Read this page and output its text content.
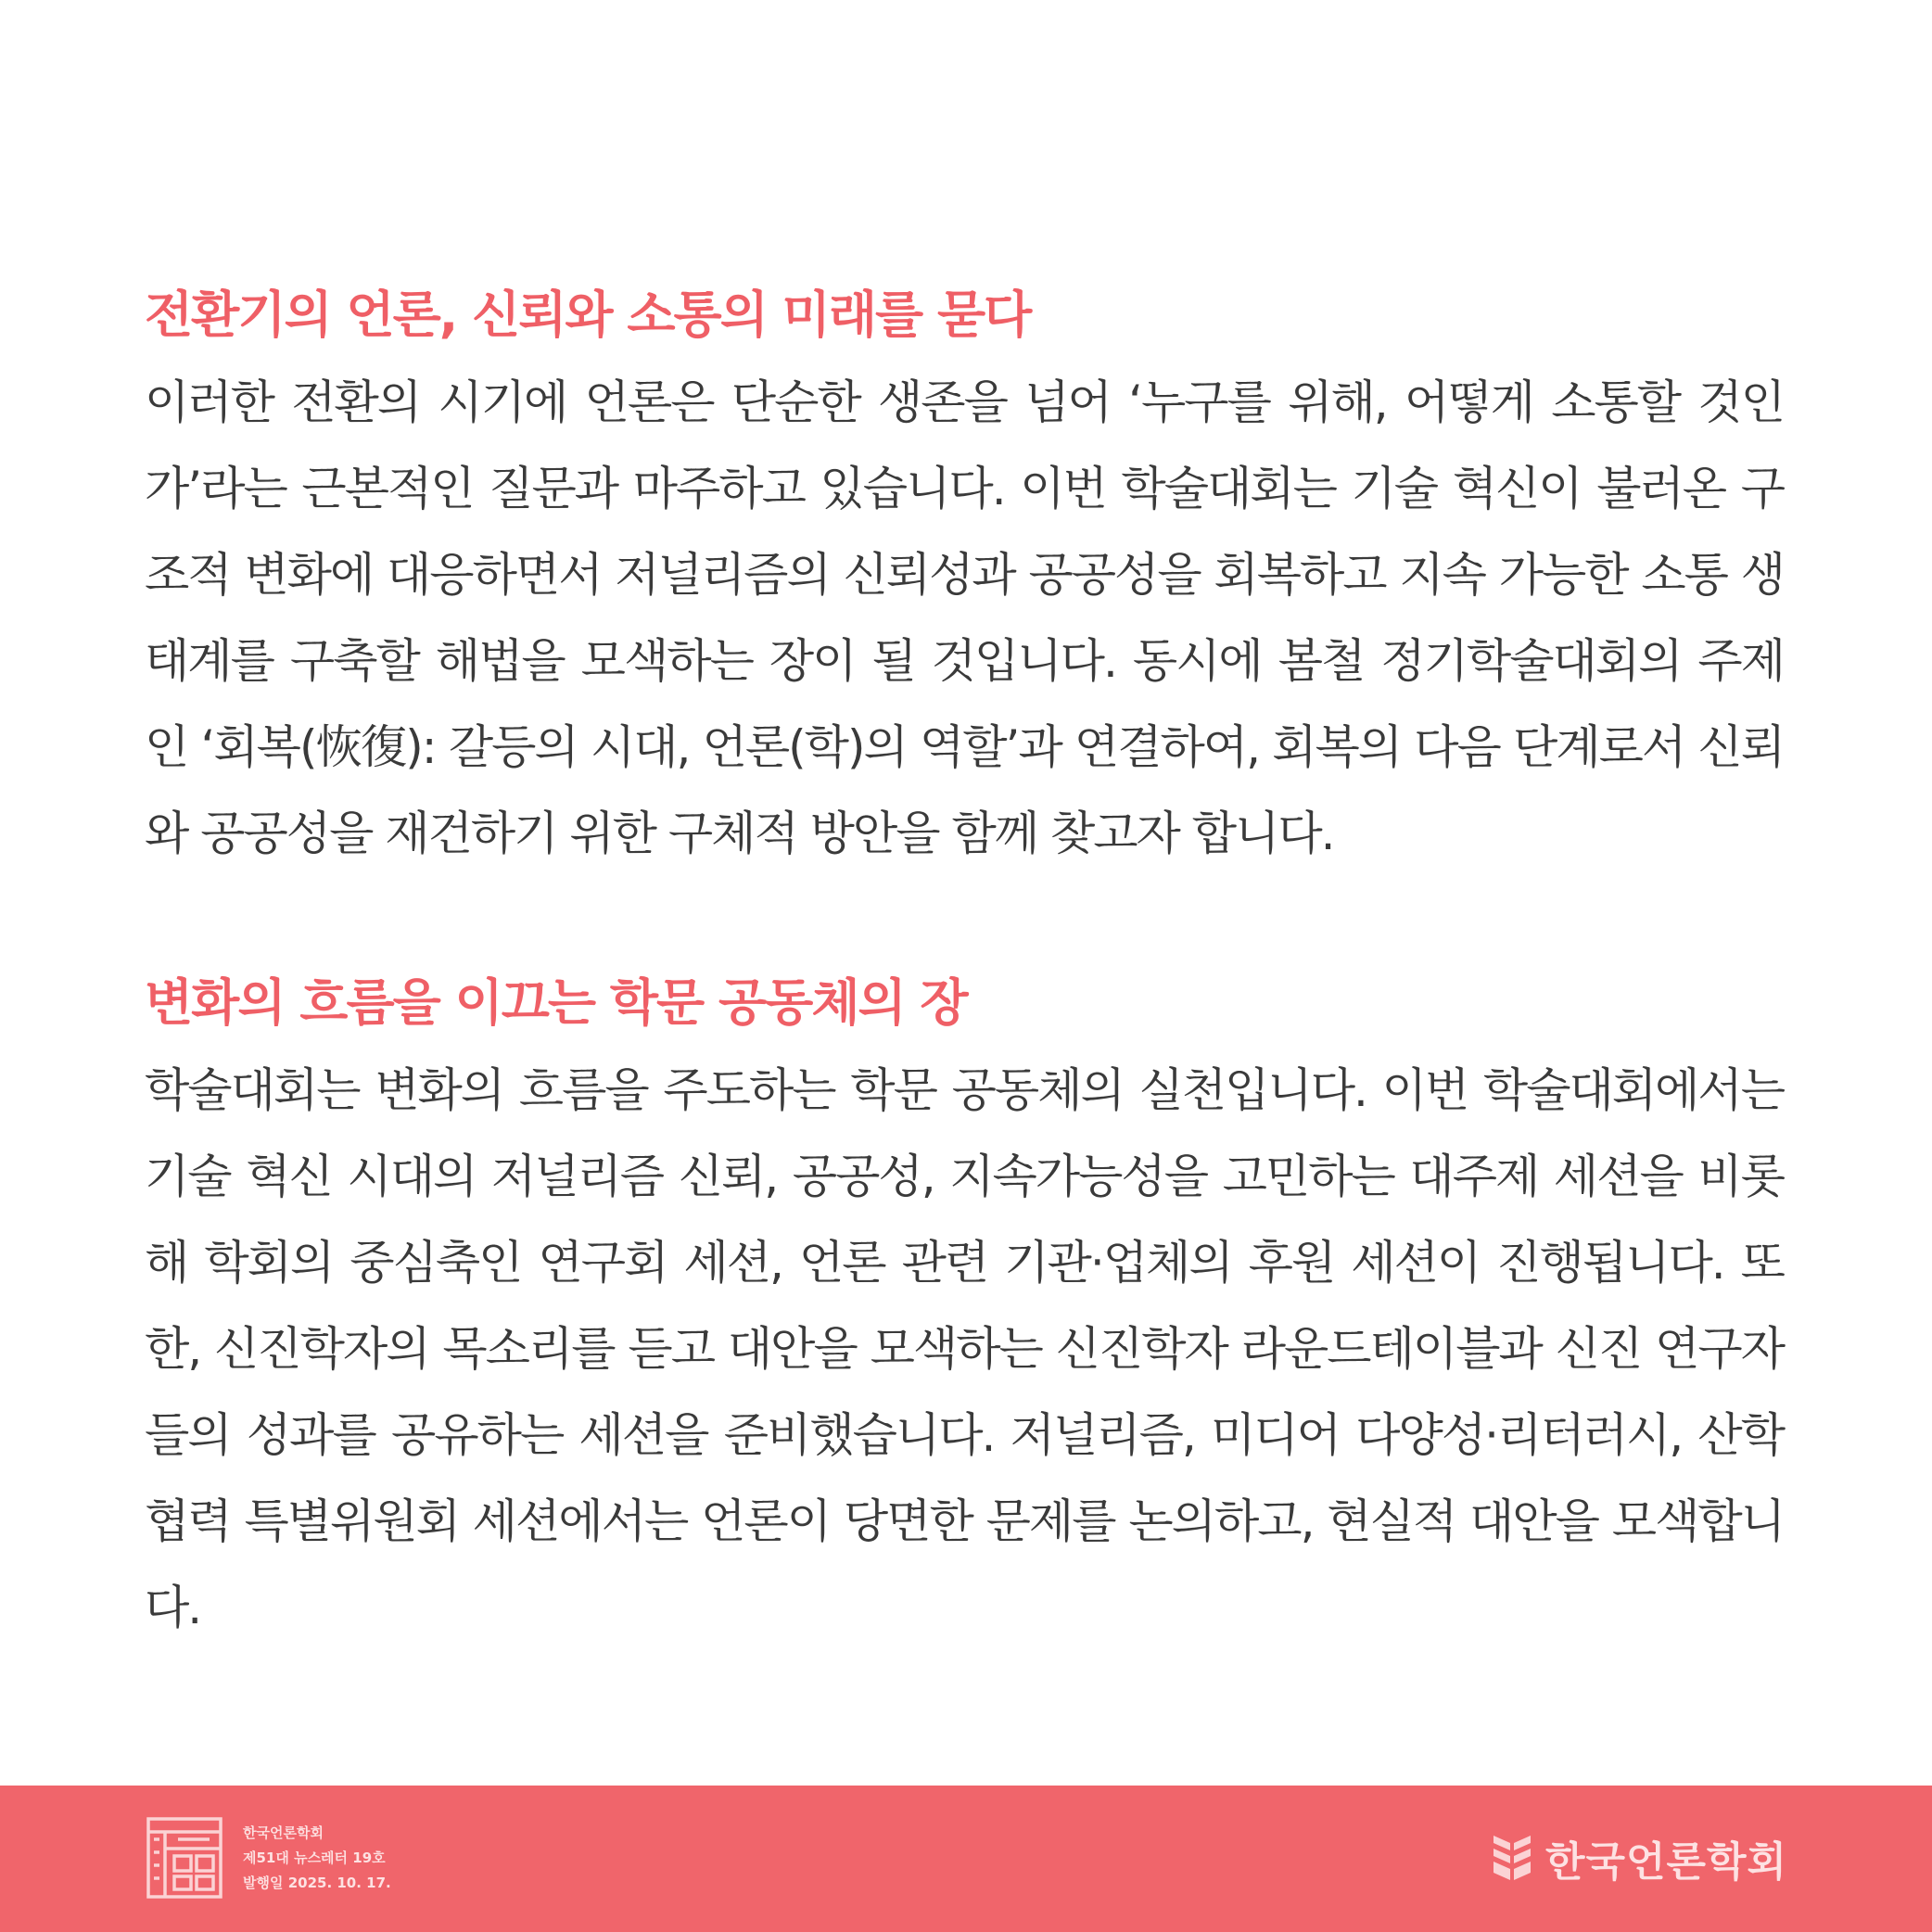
전환기의 언론, 신뢰와 소통의 미래를 묻다

이러한 전환의 시기에 언론은 단순한 생존을 넘어 ‘누구를 위해, 어떻게 소통할 것인가’라는 근본적인 질문과 마주하고 있습니다. 이번 학술대회는 기술 혁신이 불러온 구조적 변화에 대응하면서 저널리즘의 신뢰성과 공공성을 회복하고 지속 가능한 소통 생태계를 구축할 해법을 모색하는 장이 될 것입니다. 동시에 봄철 정기학술대회의 주제인 ‘회복(恢復): 갈등의 시대, 언론(학)의 역할’과 연결하여, 회복의 다음 단계로서 신뢰와 공공성을 재건하기 위한 구체적 방안을 함께 찾고자 합니다.

변화의 흐름을 이끄는 학문 공동체의 장

학술대회는 변화의 흐름을 주도하는 학문 공동체의 실천입니다. 이번 학술대회에서는 기술 혁신 시대의 저널리즘 신뢰, 공공성, 지속가능성을 고민하는 대주제 세션을 비롯해 학회의 중심축인 연구회 세션, 언론 관련 기관·업체의 후원 세션이 진행됩니다. 또한, 신진학자의 목소리를 듣고 대안을 모색하는 신진학자 라운드테이블과 신진 연구자들의 성과를 공유하는 세션을 준비했습니다. 저널리즘, 미디어 다양성·리터러시, 산학협력 특별위원회 세션에서는 언론이 당면한 문제를 논의하고, 현실적 대안을 모색합니다.

한국언론학회
제51대 뉴스레터 19호
발행일 2025. 10. 17.	한국언론학회
